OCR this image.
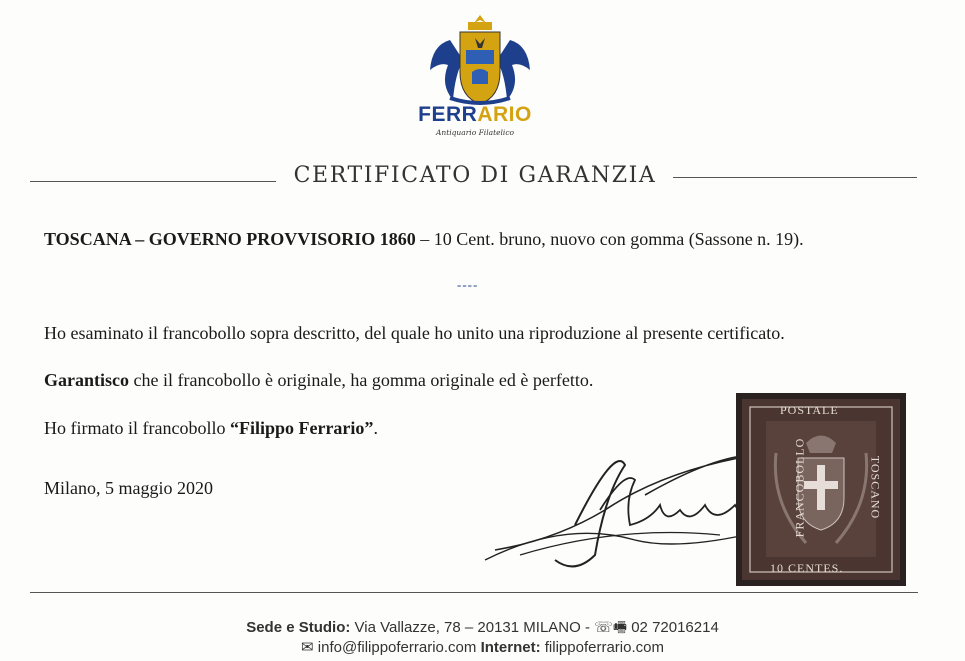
FERRARIO
Antiquario Filatelico
CERTIFICATO DI GARANZIA
TOSCANA – GOVERNO PROVVISORIO 1860 – 10 Cent. bruno, nuovo con gomma (Sassone n. 19).
----
Ho esaminato il francobollo sopra descritto, del quale ho unito una riproduzione al presente certificato.
Garantisco che il francobollo è originale, ha gomma originale ed è perfetto.
Ho firmato il francobollo “Filippo Ferrario”.
Milano, 5 maggio 2020
POSTALE
10 CENTES.
FRANCOBOLLO	TOSCANO
Sede e Studio: Via Vallazze, 78 – 20131 MILANO - ☏🖷 02 72016214
✉ info@filippoferrario.com Internet: filippoferrario.com
